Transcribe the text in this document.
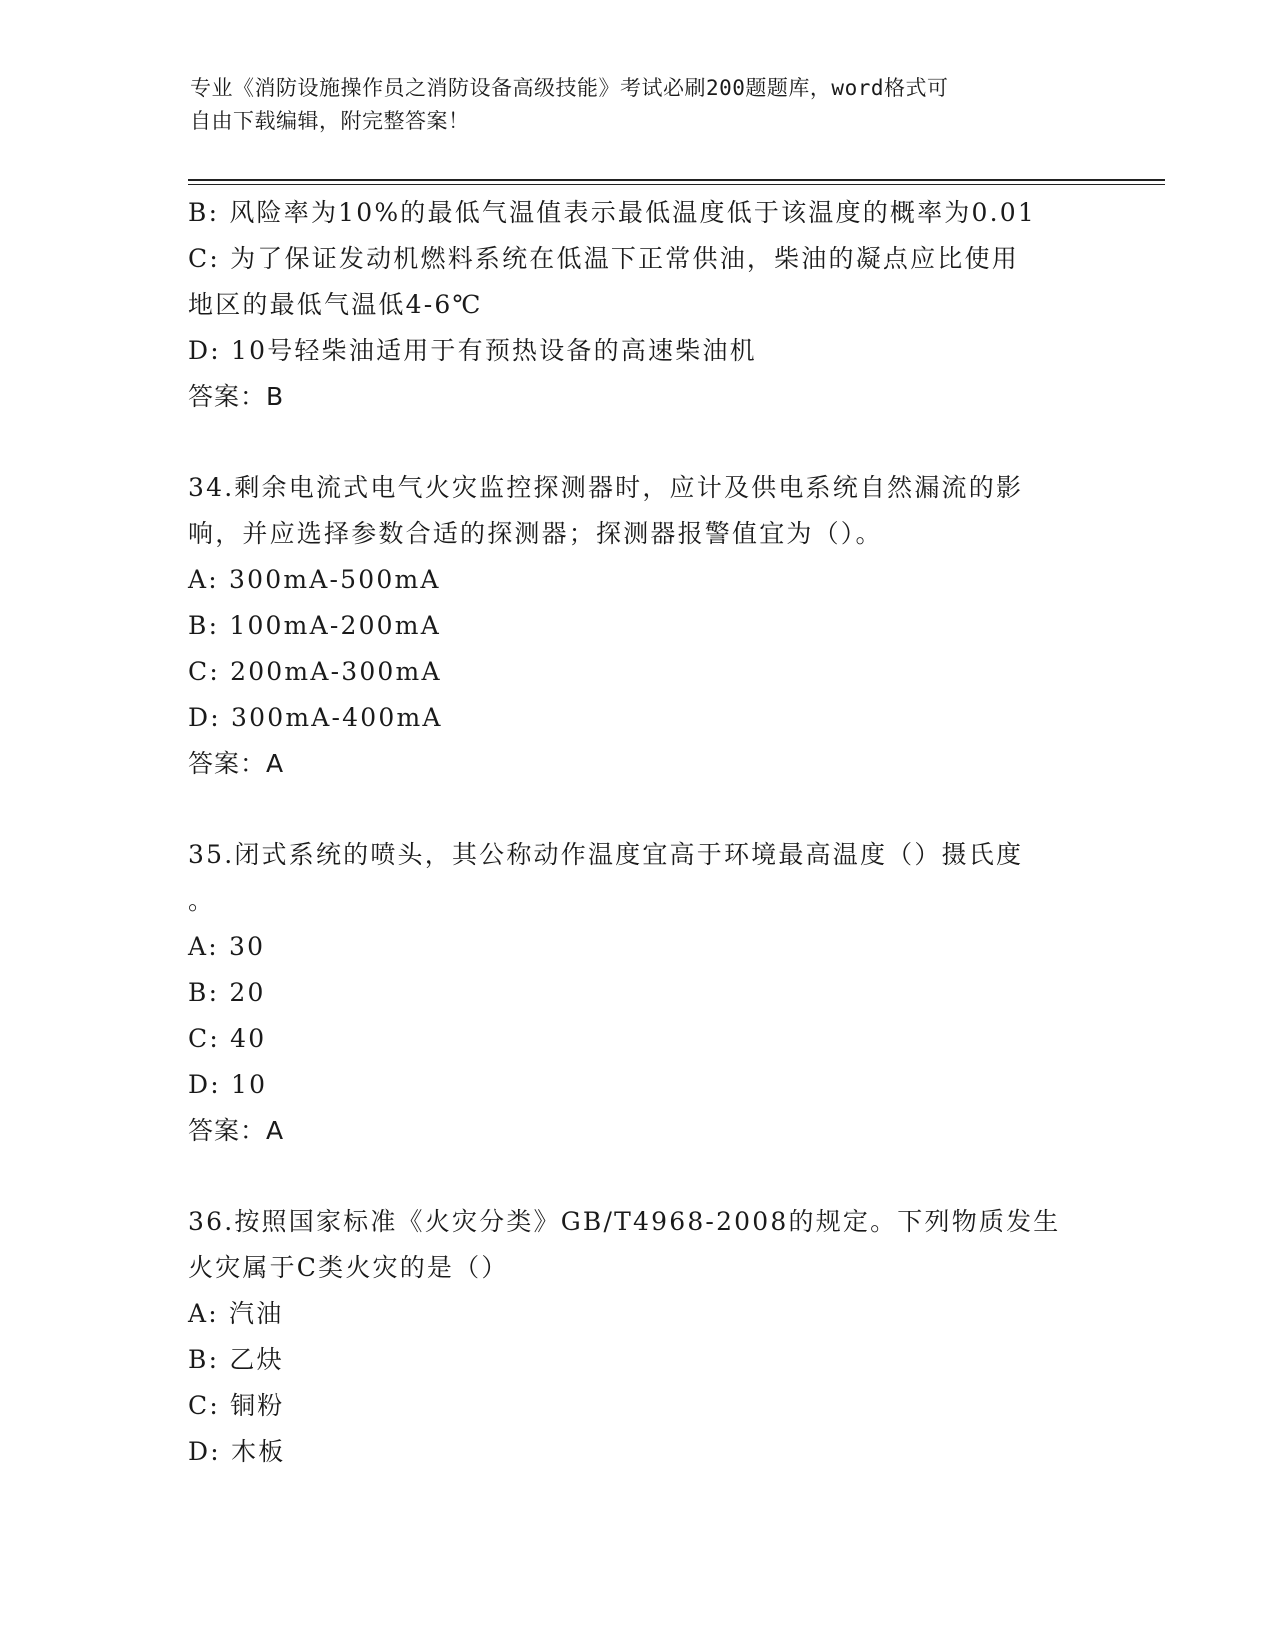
专业《消防设施操作员之消防设备高级技能》考试必刷200题题库，word格式可
自由下载编辑，附完整答案！
B: 风险率为10%的最低气温值表示最低温度低于该温度的概率为0.01
C: 为了保证发动机燃料系统在低温下正常供油，柴油的凝点应比使用
地区的最低气温低4-6℃
D: 10号轻柴油适用于有预热设备的高速柴油机
答案：B
34.剩余电流式电气火灾监控探测器时，应计及供电系统自然漏流的影
响，并应选择参数合适的探测器；探测器报警值宜为（）。
A: 300mA-500mA
B: 100mA-200mA
C: 200mA-300mA
D: 300mA-400mA
答案：A
35.闭式系统的喷头，其公称动作温度宜高于环境最高温度（）摄氏度
。
A: 30
B: 20
C: 40
D: 10
答案：A
36.按照国家标准《火灾分类》GB/T4968-2008的规定。下列物质发生
火灾属于C类火灾的是（）
A: 汽油
B: 乙炔
C: 铜粉
D: 木板
